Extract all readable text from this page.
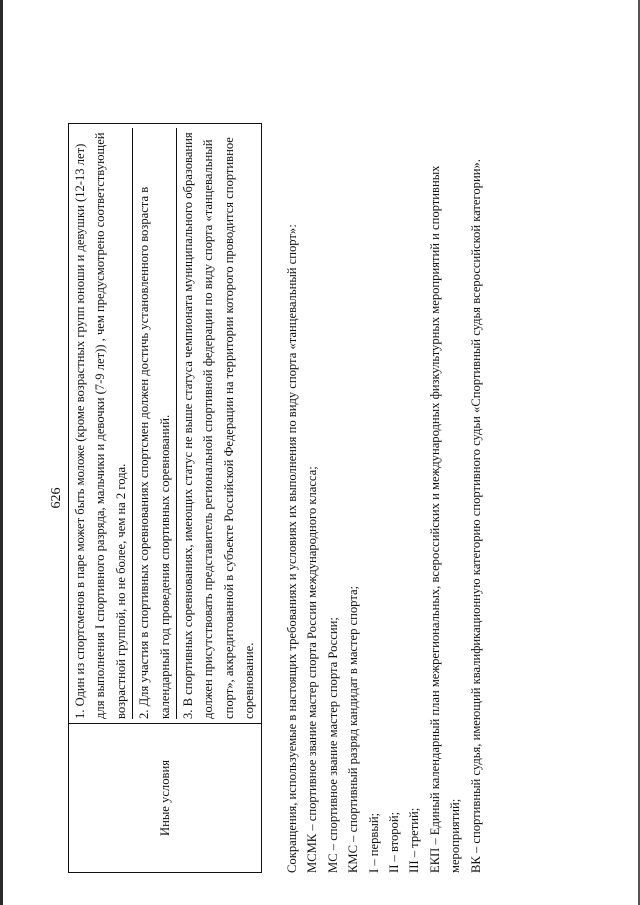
626
Иные условия	

1. Один из спортсменов в паре может быть моложе (кроме возрастных групп юноши и девушки (12-13 лет) для выполнения I спортивного разряда, мальчики и девочки (7-9 лет)) , чем предусмотрено соответствующей возрастной группой, но не более, чем на 2 года. 2. Для участия в спортивных соревнованиях спортсмен должен достичь установленного возраста в календарный год проведения спортивных соревнований. 3. В спортивных соревнованиях, имеющих статус не выше статуса чемпионата муниципального образования должен присутствовать представитель региональной спортивной федерации по виду спорта «танцевальный спорт», аккредитованной в субъекте Российской Федерации на территории которого проводится спортивное соревнование. Сокращения, используемые в настоящих требованиях и условиях их выполнения по виду спорта «танцевальный спорт»: МСМК – спортивное звание мастер спорта России международного класса; МС – спортивное звание мастер спорта России; КМС – спортивный разряд кандидат в мастер спорта; I – первый; II – второй; III – третий; ЕКП – Единый календарный план межрегиональных, всероссийских и международных физкультурных мероприятий и спортивных мероприятий; ВК – спортивный судья, имеющий квалификационную категорию спортивного судьи «Спортивный судья всероссийской категории».
